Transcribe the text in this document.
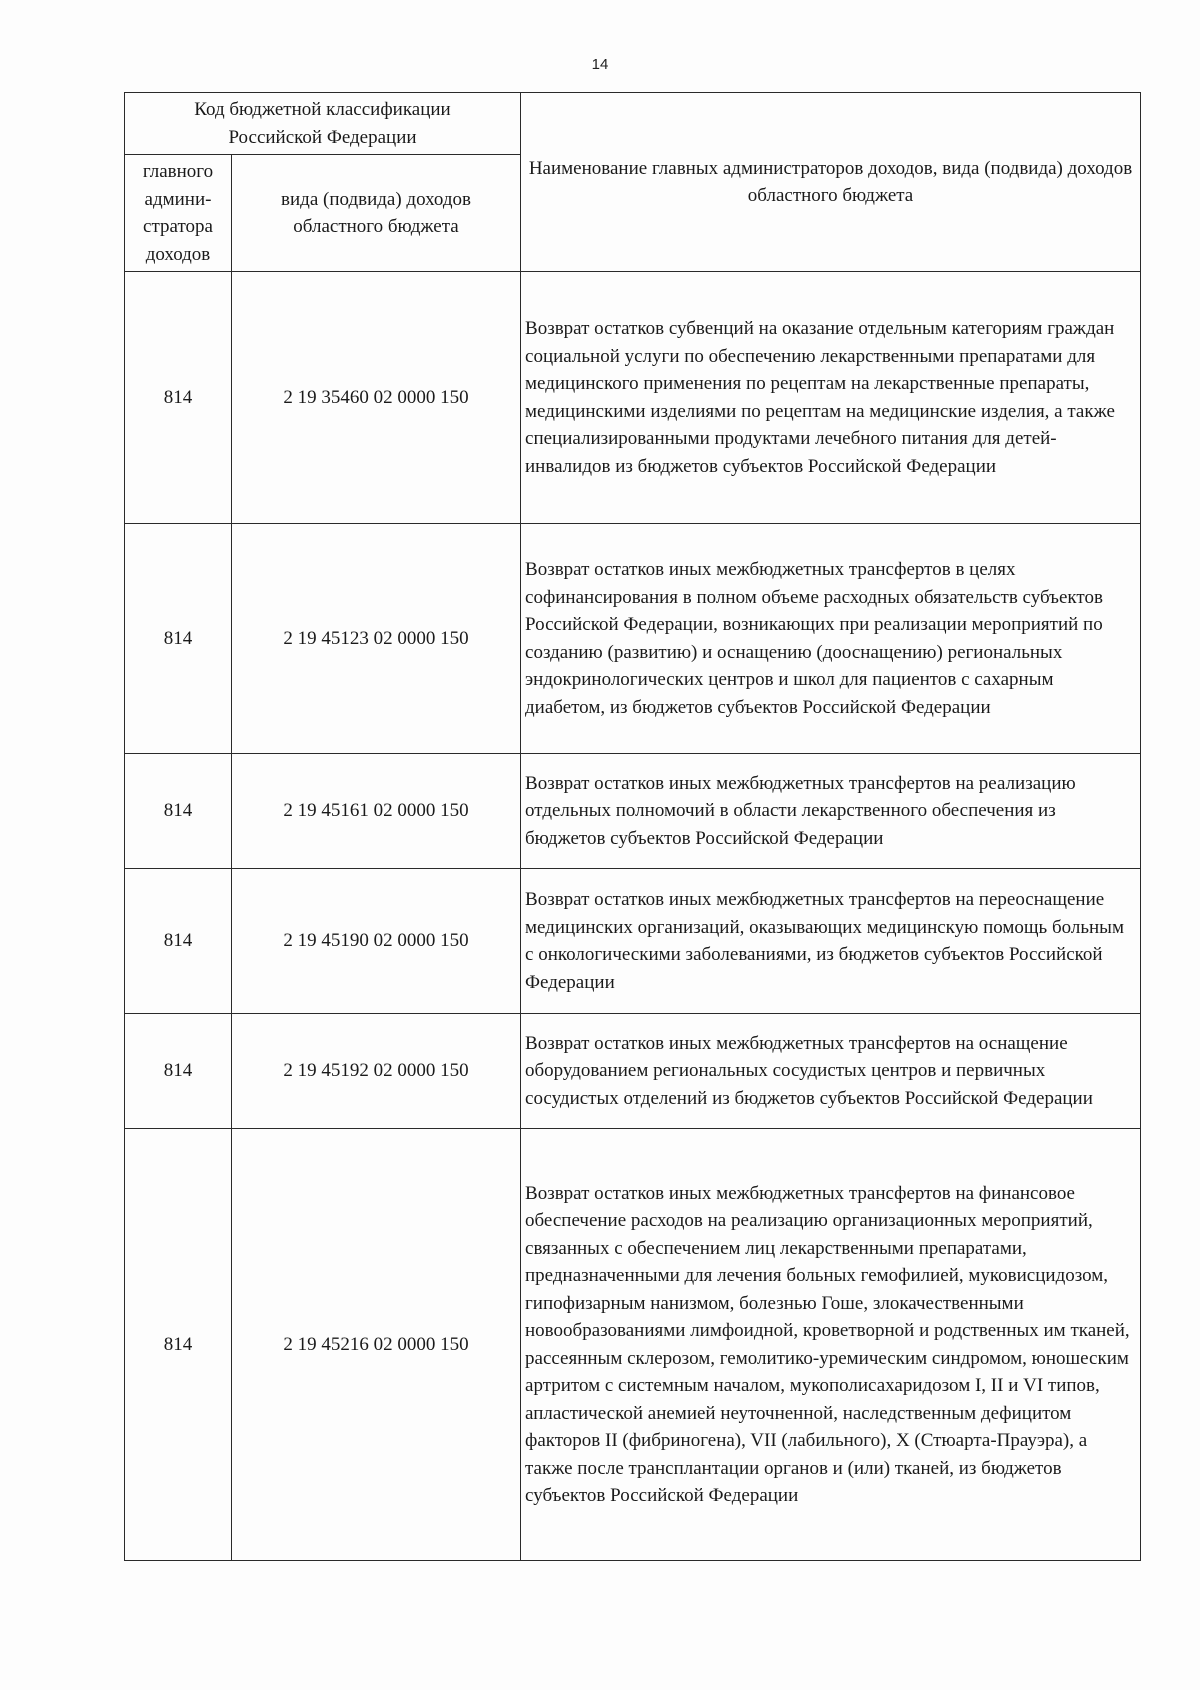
14
Код бюджетной классификации Российской Федерации		Наименование главных администраторов доходов, вида (подвида) доходов областного бюджета
главного админи-стратора доходов	вида (подвида) доходов областного бюджета	
814	2 19 35460 02 0000 150	Возврат остатков субвенций на оказание отдельным категориям граждан социальной услуги по обеспечению лекарственными препаратами для медицинского применения по рецептам на лекарственные препараты, медицинскими изделиями по рецептам на медицинские изделия, а также специализированными продуктами лечебного питания для детей-инвалидов из бюджетов субъектов Российской Федерации
814	2 19 45123 02 0000 150	Возврат остатков иных межбюджетных трансфертов в целях софинансирования в полном объеме расходных обязательств субъектов Российской Федерации, возникающих при реализации мероприятий по созданию (развитию) и оснащению (дооснащению) региональных эндокринологических центров и школ для пациентов с сахарным диабетом, из бюджетов субъектов Российской Федерации
814	2 19 45161 02 0000 150	Возврат остатков иных межбюджетных трансфертов на реализацию отдельных полномочий в области лекарственного обеспечения из бюджетов субъектов Российской Федерации
814	2 19 45190 02 0000 150	Возврат остатков иных межбюджетных трансфертов на переоснащение медицинских организаций, оказывающих медицинскую помощь больным с онкологическими заболеваниями, из бюджетов субъектов Российской Федерации
814	2 19 45192 02 0000 150	Возврат остатков иных межбюджетных трансфертов на оснащение оборудованием региональных сосудистых центров и первичных сосудистых отделений из бюджетов субъектов Российской Федерации
814	2 19 45216 02 0000 150	Возврат остатков иных межбюджетных трансфертов на финансовое обеспечение расходов на реализацию организационных мероприятий, связанных с обеспечением лиц лекарственными препаратами, предназначенными для лечения больных гемофилией, муковисцидозом, гипофизарным нанизмом, болезнью Гоше, злокачественными новообразованиями лимфоидной, кроветворной и родственных им тканей, рассеянным склерозом, гемолитико-уремическим синдромом, юношеским артритом с системным началом, мукополисахаридозом I, II и VI типов, апластической анемией неуточненной, наследственным дефицитом факторов II (фибриногена), VII (лабильного), X (Стюарта-Прауэра), а также после трансплантации органов и (или) тканей, из бюджетов субъектов Российской Федерации
